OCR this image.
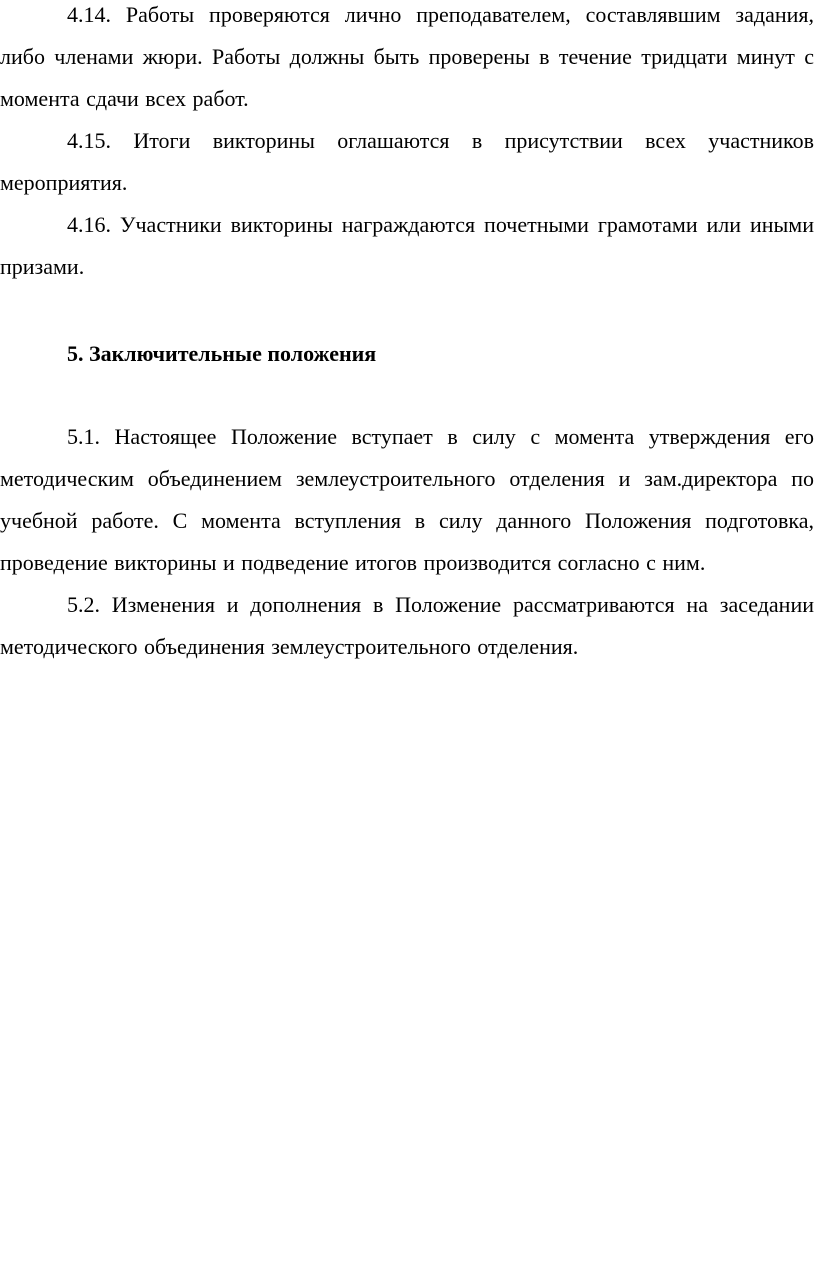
4.14. Работы проверяются лично преподавателем, составлявшим задания, либо членами жюри. Работы должны быть проверены в течение тридцати минут с момента сдачи всех работ.

4.15. Итоги викторины оглашаются в присутствии всех участников мероприятия.

4.16. Участники викторины награждаются почетными грамотами или иными призами.

5. Заключительные положения

5.1. Настоящее Положение вступает в силу с момента утверждения его методическим объединением землеустроительного отделения и зам.директора по учебной работе. С момента вступления в силу данного Положения подготовка, проведение викторины и подведение итогов производится согласно с ним.

5.2. Изменения и дополнения в Положение рассматриваются на заседании методического объединения землеустроительного отделения.
